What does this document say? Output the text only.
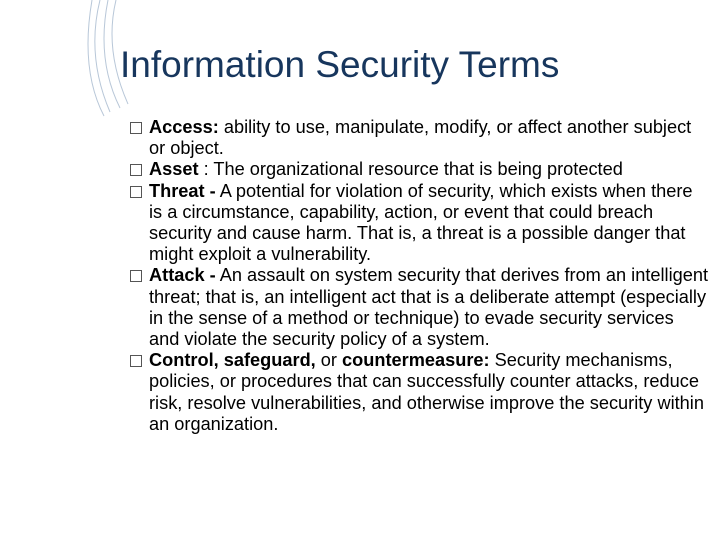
Information Security Terms
Access: ability to use, manipulate, modify, or affect another subject or object.
Asset : The organizational resource that is being protected
Threat - A potential for violation of security, which exists when there is a circumstance, capability, action, or event that could breach security and cause harm. That is, a threat is a possible danger that might exploit a vulnerability.
Attack - An assault on system security that derives from an intelligent threat; that is, an intelligent act that is a deliberate attempt (especially in the sense of a method or technique) to evade security services and violate the security policy of a system.
Control, safeguard, or countermeasure: Security mechanisms, policies, or procedures that can successfully counter attacks, reduce risk, resolve vulnerabilities, and otherwise improve the security within an organization.
